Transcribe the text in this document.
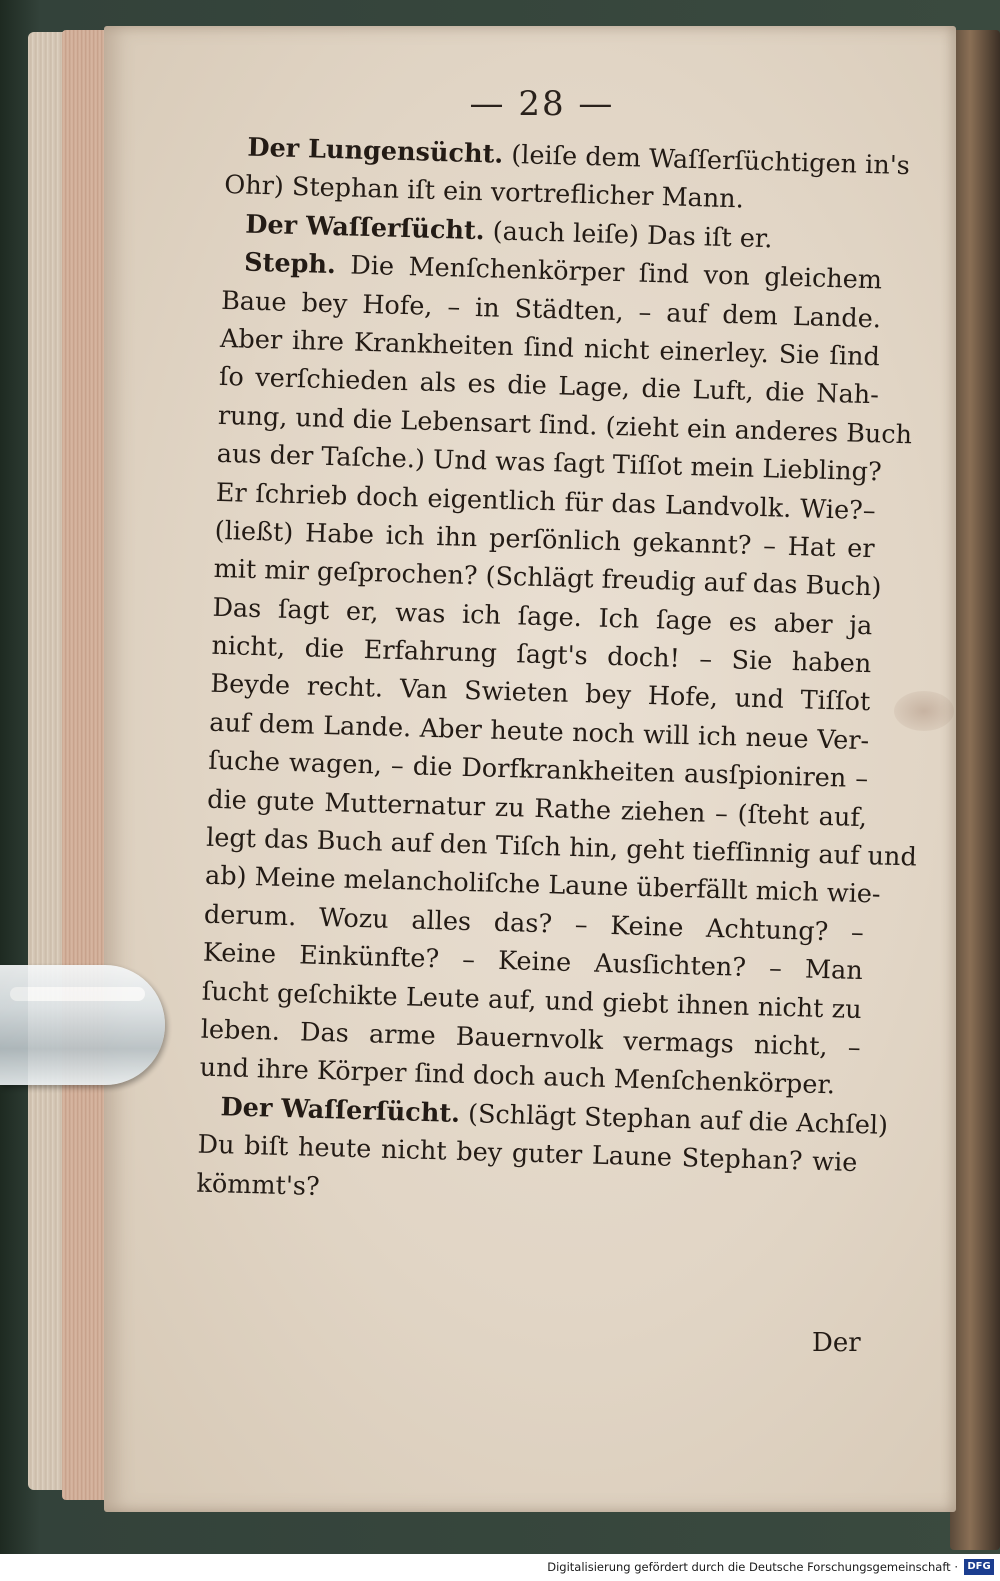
— 28 —
Der Lungensücht. (leiſe dem Waſſerſüchtigen in's
Ohr) Stephan iſt ein vortreflicher Mann.
Der Waſſerſücht. (auch leiſe) Das iſt er.
Steph. Die Menſchenkörper ſind von gleichem
Baue bey Hofe, – in Städten, – auf dem Lande.
Aber ihre Krankheiten ſind nicht einerley. Sie ſind
ſo verſchieden als es die Lage, die Luft, die Nah-
rung, und die Lebensart ſind. (zieht ein anderes Buch
aus der Taſche.) Und was ſagt Tiſſot mein Liebling?
Er ſchrieb doch eigentlich für das Landvolk. Wie?–
(ließt) Habe ich ihn perſönlich gekannt? – Hat er
mit mir geſprochen? (Schlägt freudig auf das Buch)
Das ſagt er, was ich ſage. Ich ſage es aber ja
nicht, die Erfahrung ſagt's doch! – Sie haben
Beyde recht. Van Swieten bey Hofe, und Tiſſot
auf dem Lande. Aber heute noch will ich neue Ver-
ſuche wagen, – die Dorfkrankheiten ausſpioniren –
die gute Mutternatur zu Rathe ziehen – (ſteht auf,
legt das Buch auf den Tiſch hin, geht tiefſinnig auf und
ab) Meine melancholiſche Laune überfällt mich wie-
derum. Wozu alles das? – Keine Achtung? –
Keine Einkünfte? – Keine Ausſichten? – Man
ſucht geſchikte Leute auf, und giebt ihnen nicht zu
leben. Das arme Bauernvolk vermags nicht, –
und ihre Körper ſind doch auch Menſchenkörper.
Der Waſſerſücht. (Schlägt Stephan auf die Achſel)
Du biſt heute nicht bey guter Laune Stephan? wie
kömmt's?
Der
Digitalisierung gefördert durch die Deutsche Forschungsgemeinschaft · DFG
